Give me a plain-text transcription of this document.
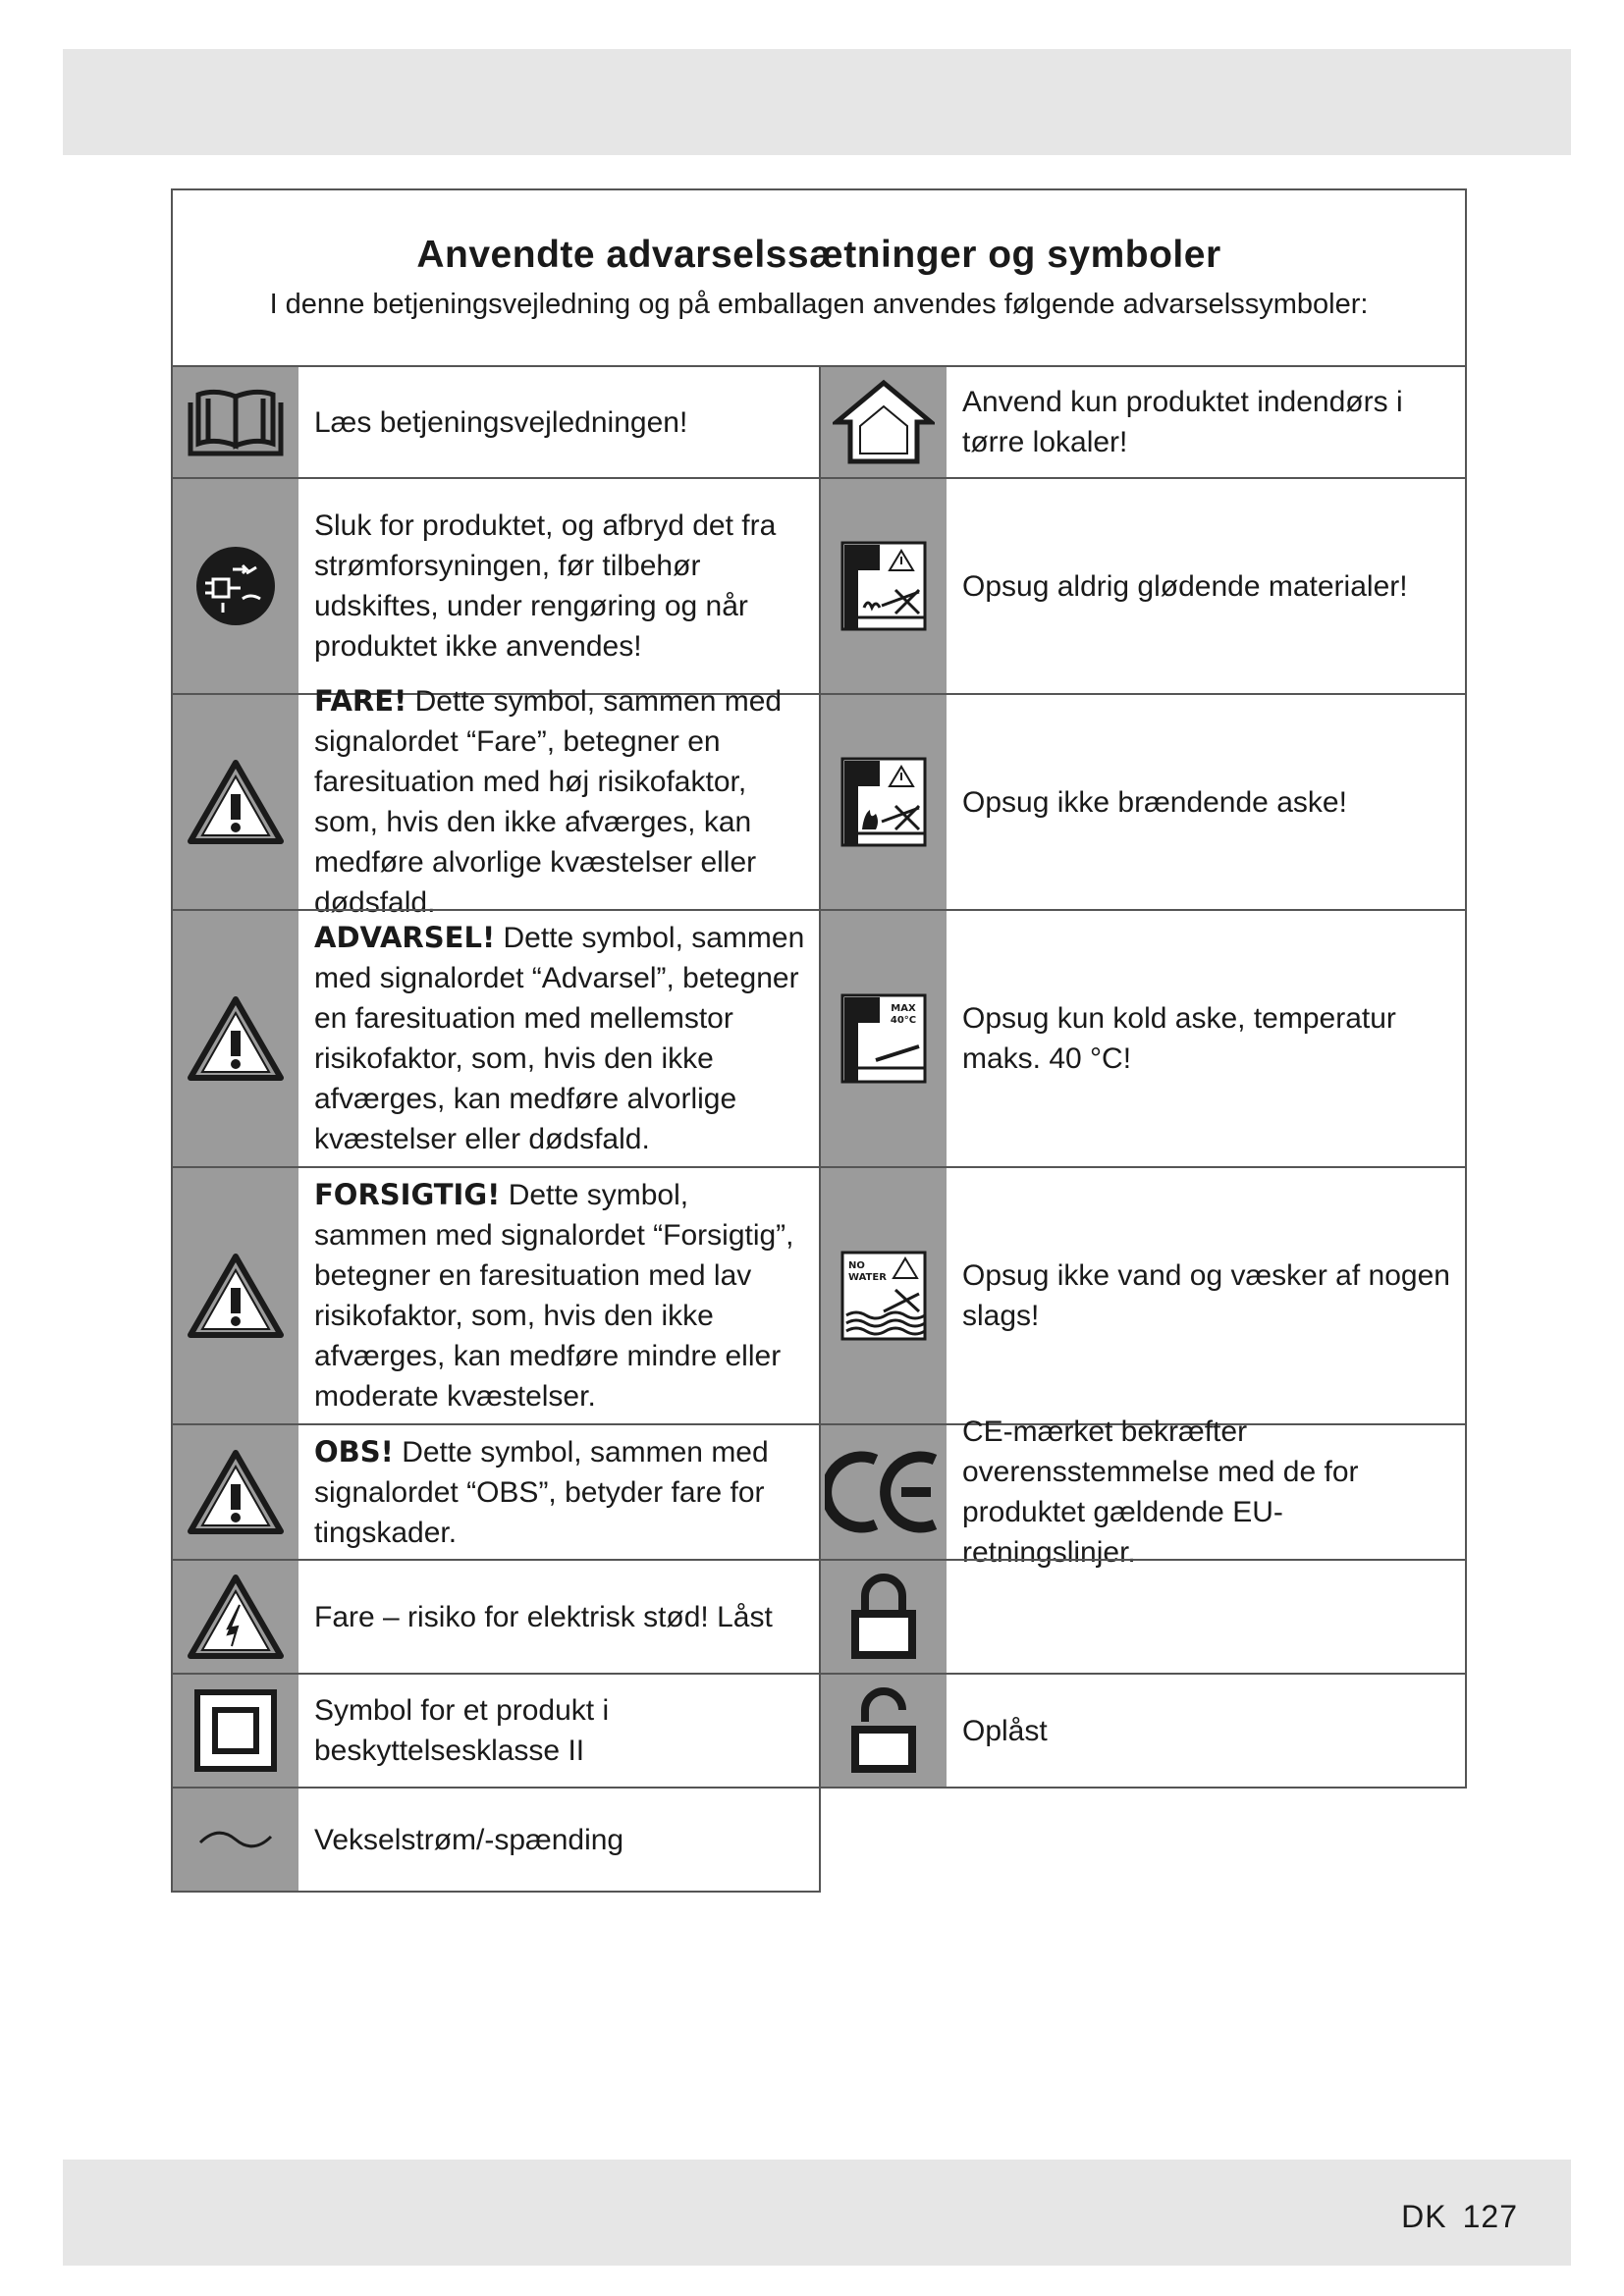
Anvendte advarselssætninger og symboler

I denne betjeningsvejledning og på emballagen anvendes følgende advarselssymboler:

Læs betjeningsvejledningen!
Sluk for produktet, og afbryd det fra strømforsyningen, før tilbehør udskiftes, under rengøring og når produktet ikke anvendes!
FARE! Dette symbol, sammen med signalordet “Fare”, betegner en faresituation med høj risikofaktor, som, hvis den ikke afværges, kan medføre alvorlige kvæstelser eller dødsfald.
ADVARSEL! Dette symbol, sammen med signalordet “Advarsel”, betegner en faresituation med mellemstor risikofaktor, som, hvis den ikke afværges, kan medføre alvorlige kvæstelser eller dødsfald.
FORSIGTIG! Dette symbol, sammen med signalordet “Forsigtig”, betegner en faresituation med lav risikofaktor, som, hvis den ikke afværges, kan medføre mindre eller moderate kvæstelser.
OBS! Dette symbol, sammen med signalordet “OBS”, betyder fare for tingskader.
Fare – risiko for elektrisk stød! Låst
Symbol for et produkt i beskyttelsesklasse II
Vekselstrøm/-spænding
Anvend kun produktet indendørs i tørre lokaler!
Opsug aldrig glødende materialer!
Opsug ikke brændende aske!
MAX
40°C Opsug kun kold aske, temperatur maks. 40 °C!
NO
WATER	Opsug ikke vand og væsker af nogen slags!
CE-mærket bekræfter overensstemmelse med de for produktet gældende EU-retningslinjer.
Oplåst
DK 127
